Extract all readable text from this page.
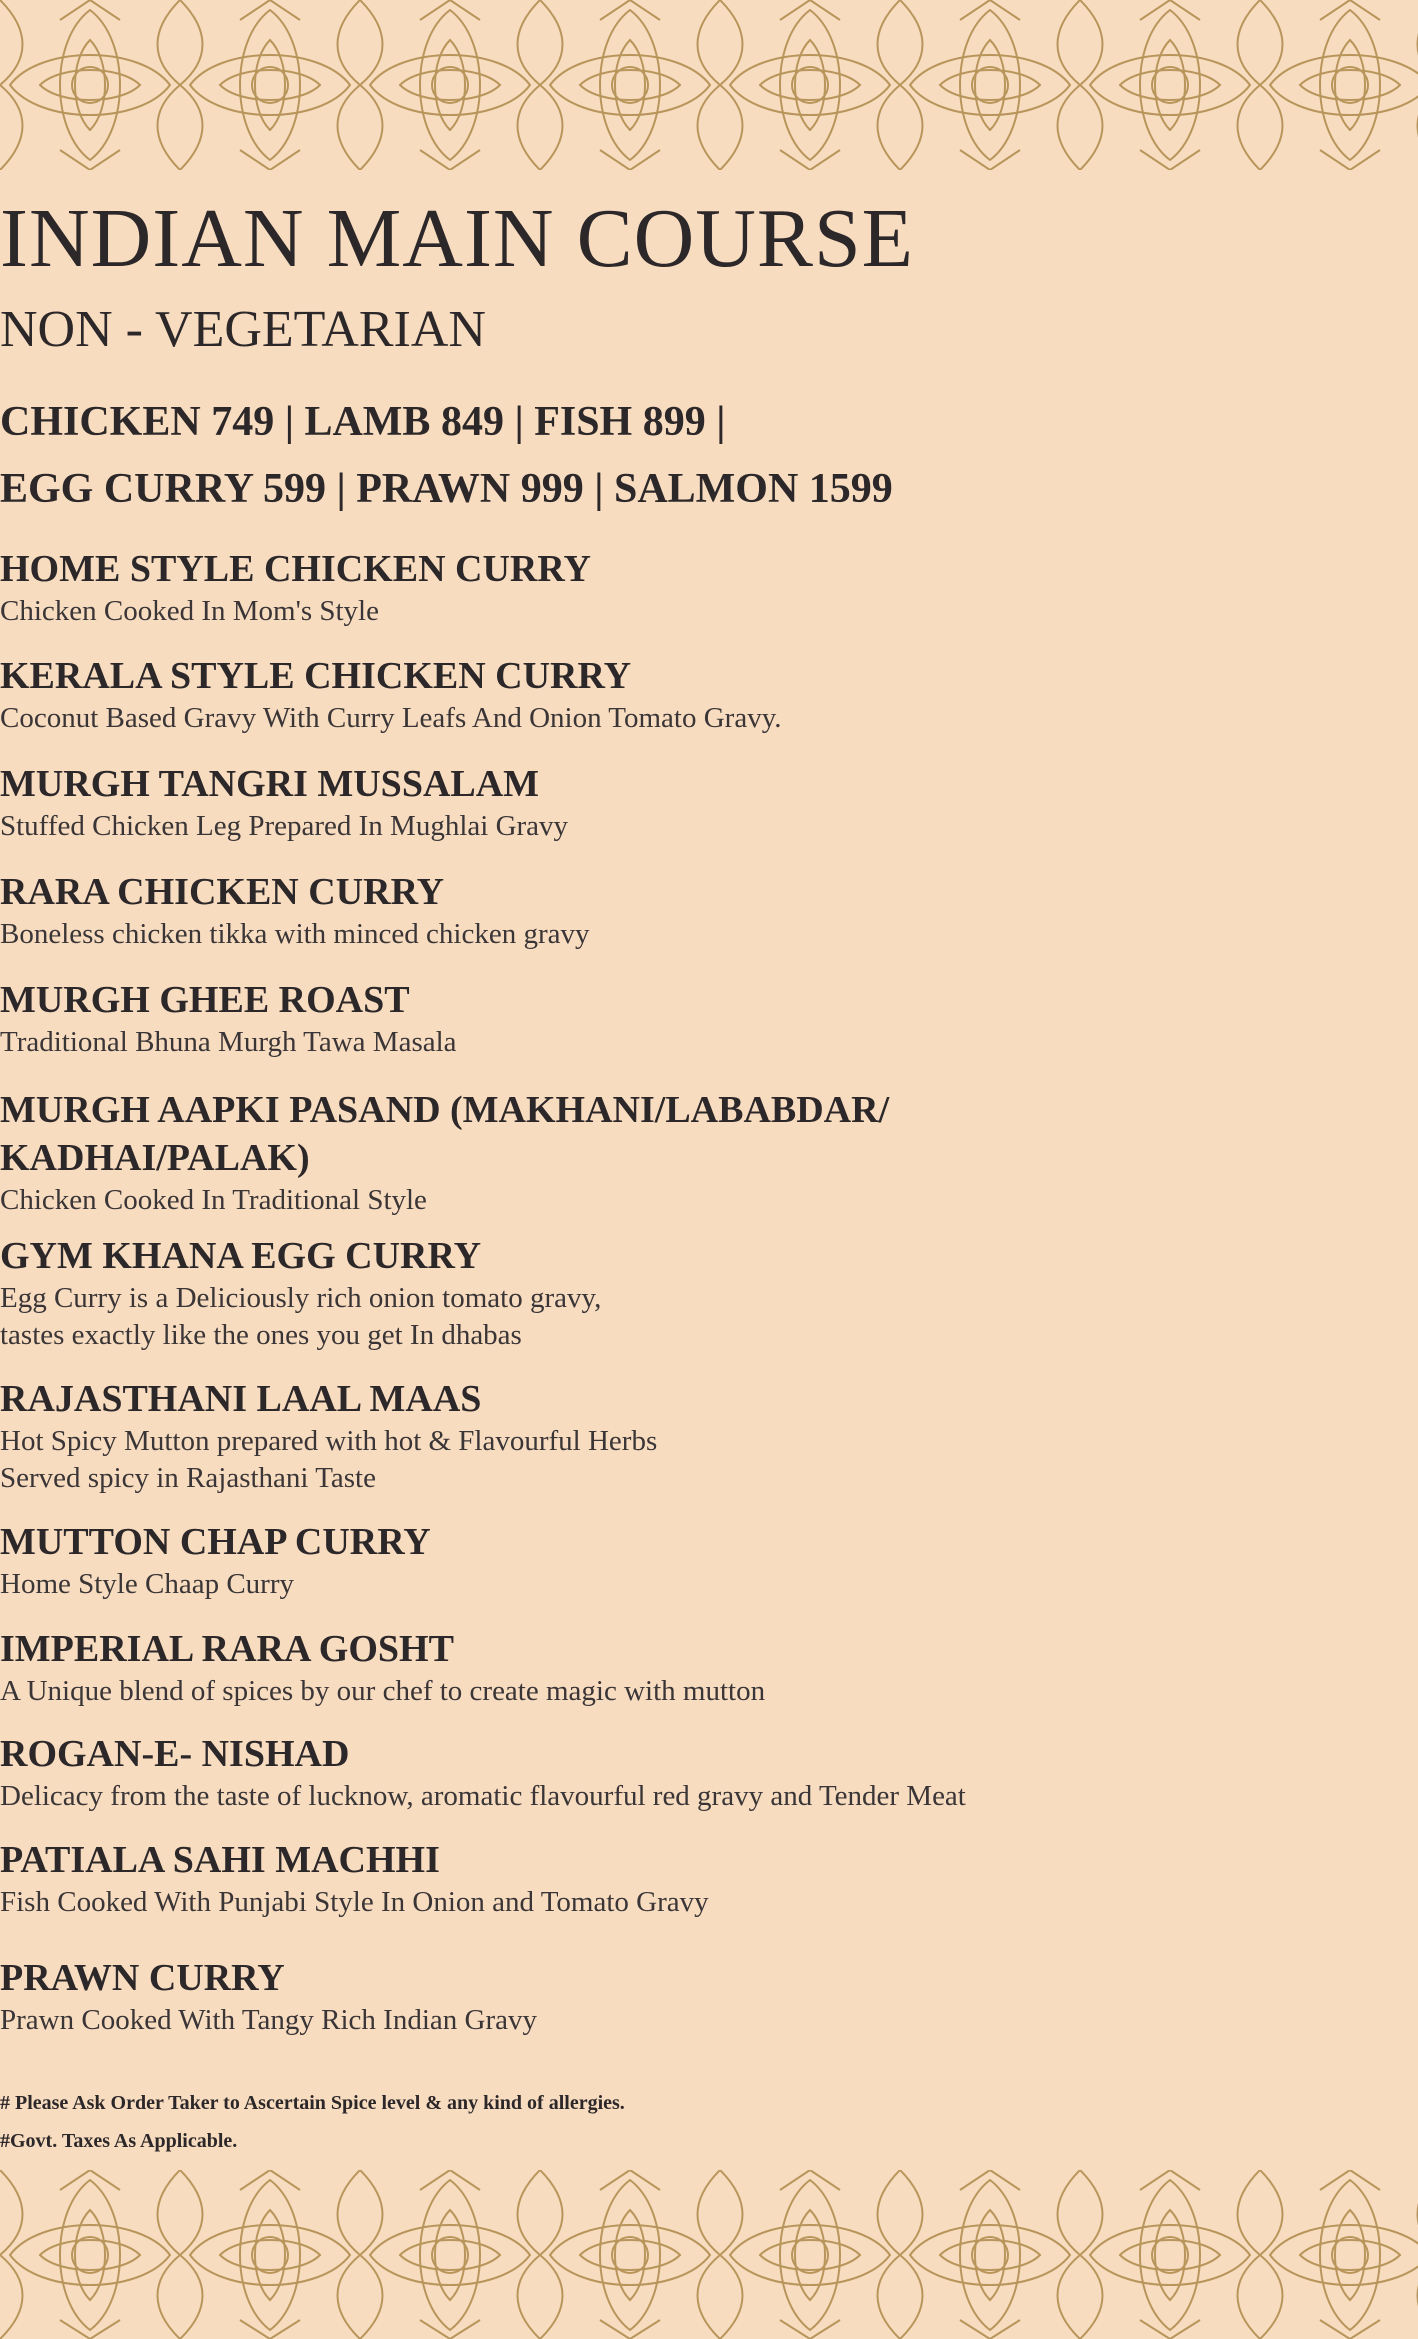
INDIAN MAIN COURSE
NON - VEGETARIAN
CHICKEN 749 | LAMB 849 | FISH 899 |
EGG CURRY 599 | PRAWN 999 | SALMON 1599
HOME STYLE CHICKEN CURRY
Chicken Cooked In Mom's Style
KERALA STYLE CHICKEN CURRY
Coconut Based Gravy With Curry Leafs And Onion Tomato Gravy.
MURGH TANGRI MUSSALAM
Stuffed Chicken Leg Prepared In Mughlai Gravy
RARA CHICKEN CURRY
Boneless chicken tikka with minced chicken gravy
MURGH GHEE ROAST
Traditional Bhuna Murgh Tawa Masala
MURGH AAPKI PASAND (MAKHANI/LABABDAR/
KADHAI/PALAK)
Chicken Cooked In Traditional Style
GYM KHANA EGG CURRY
Egg Curry is a Deliciously rich onion tomato gravy,
tastes exactly like the ones you get In dhabas
RAJASTHANI LAAL MAAS
Hot Spicy Mutton prepared with hot & Flavourful Herbs
Served spicy in Rajasthani Taste
MUTTON CHAP CURRY
Home Style Chaap Curry
IMPERIAL RARA GOSHT
A Unique blend of spices by our chef to create magic with mutton
ROGAN-E- NISHAD
Delicacy from the taste of lucknow, aromatic flavourful red gravy and Tender Meat
PATIALA SAHI MACHHI
Fish Cooked With Punjabi Style In Onion and Tomato Gravy
PRAWN CURRY
Prawn Cooked With Tangy Rich Indian Gravy
# Please Ask Order Taker to Ascertain Spice level & any kind of allergies.
#Govt. Taxes As Applicable.
